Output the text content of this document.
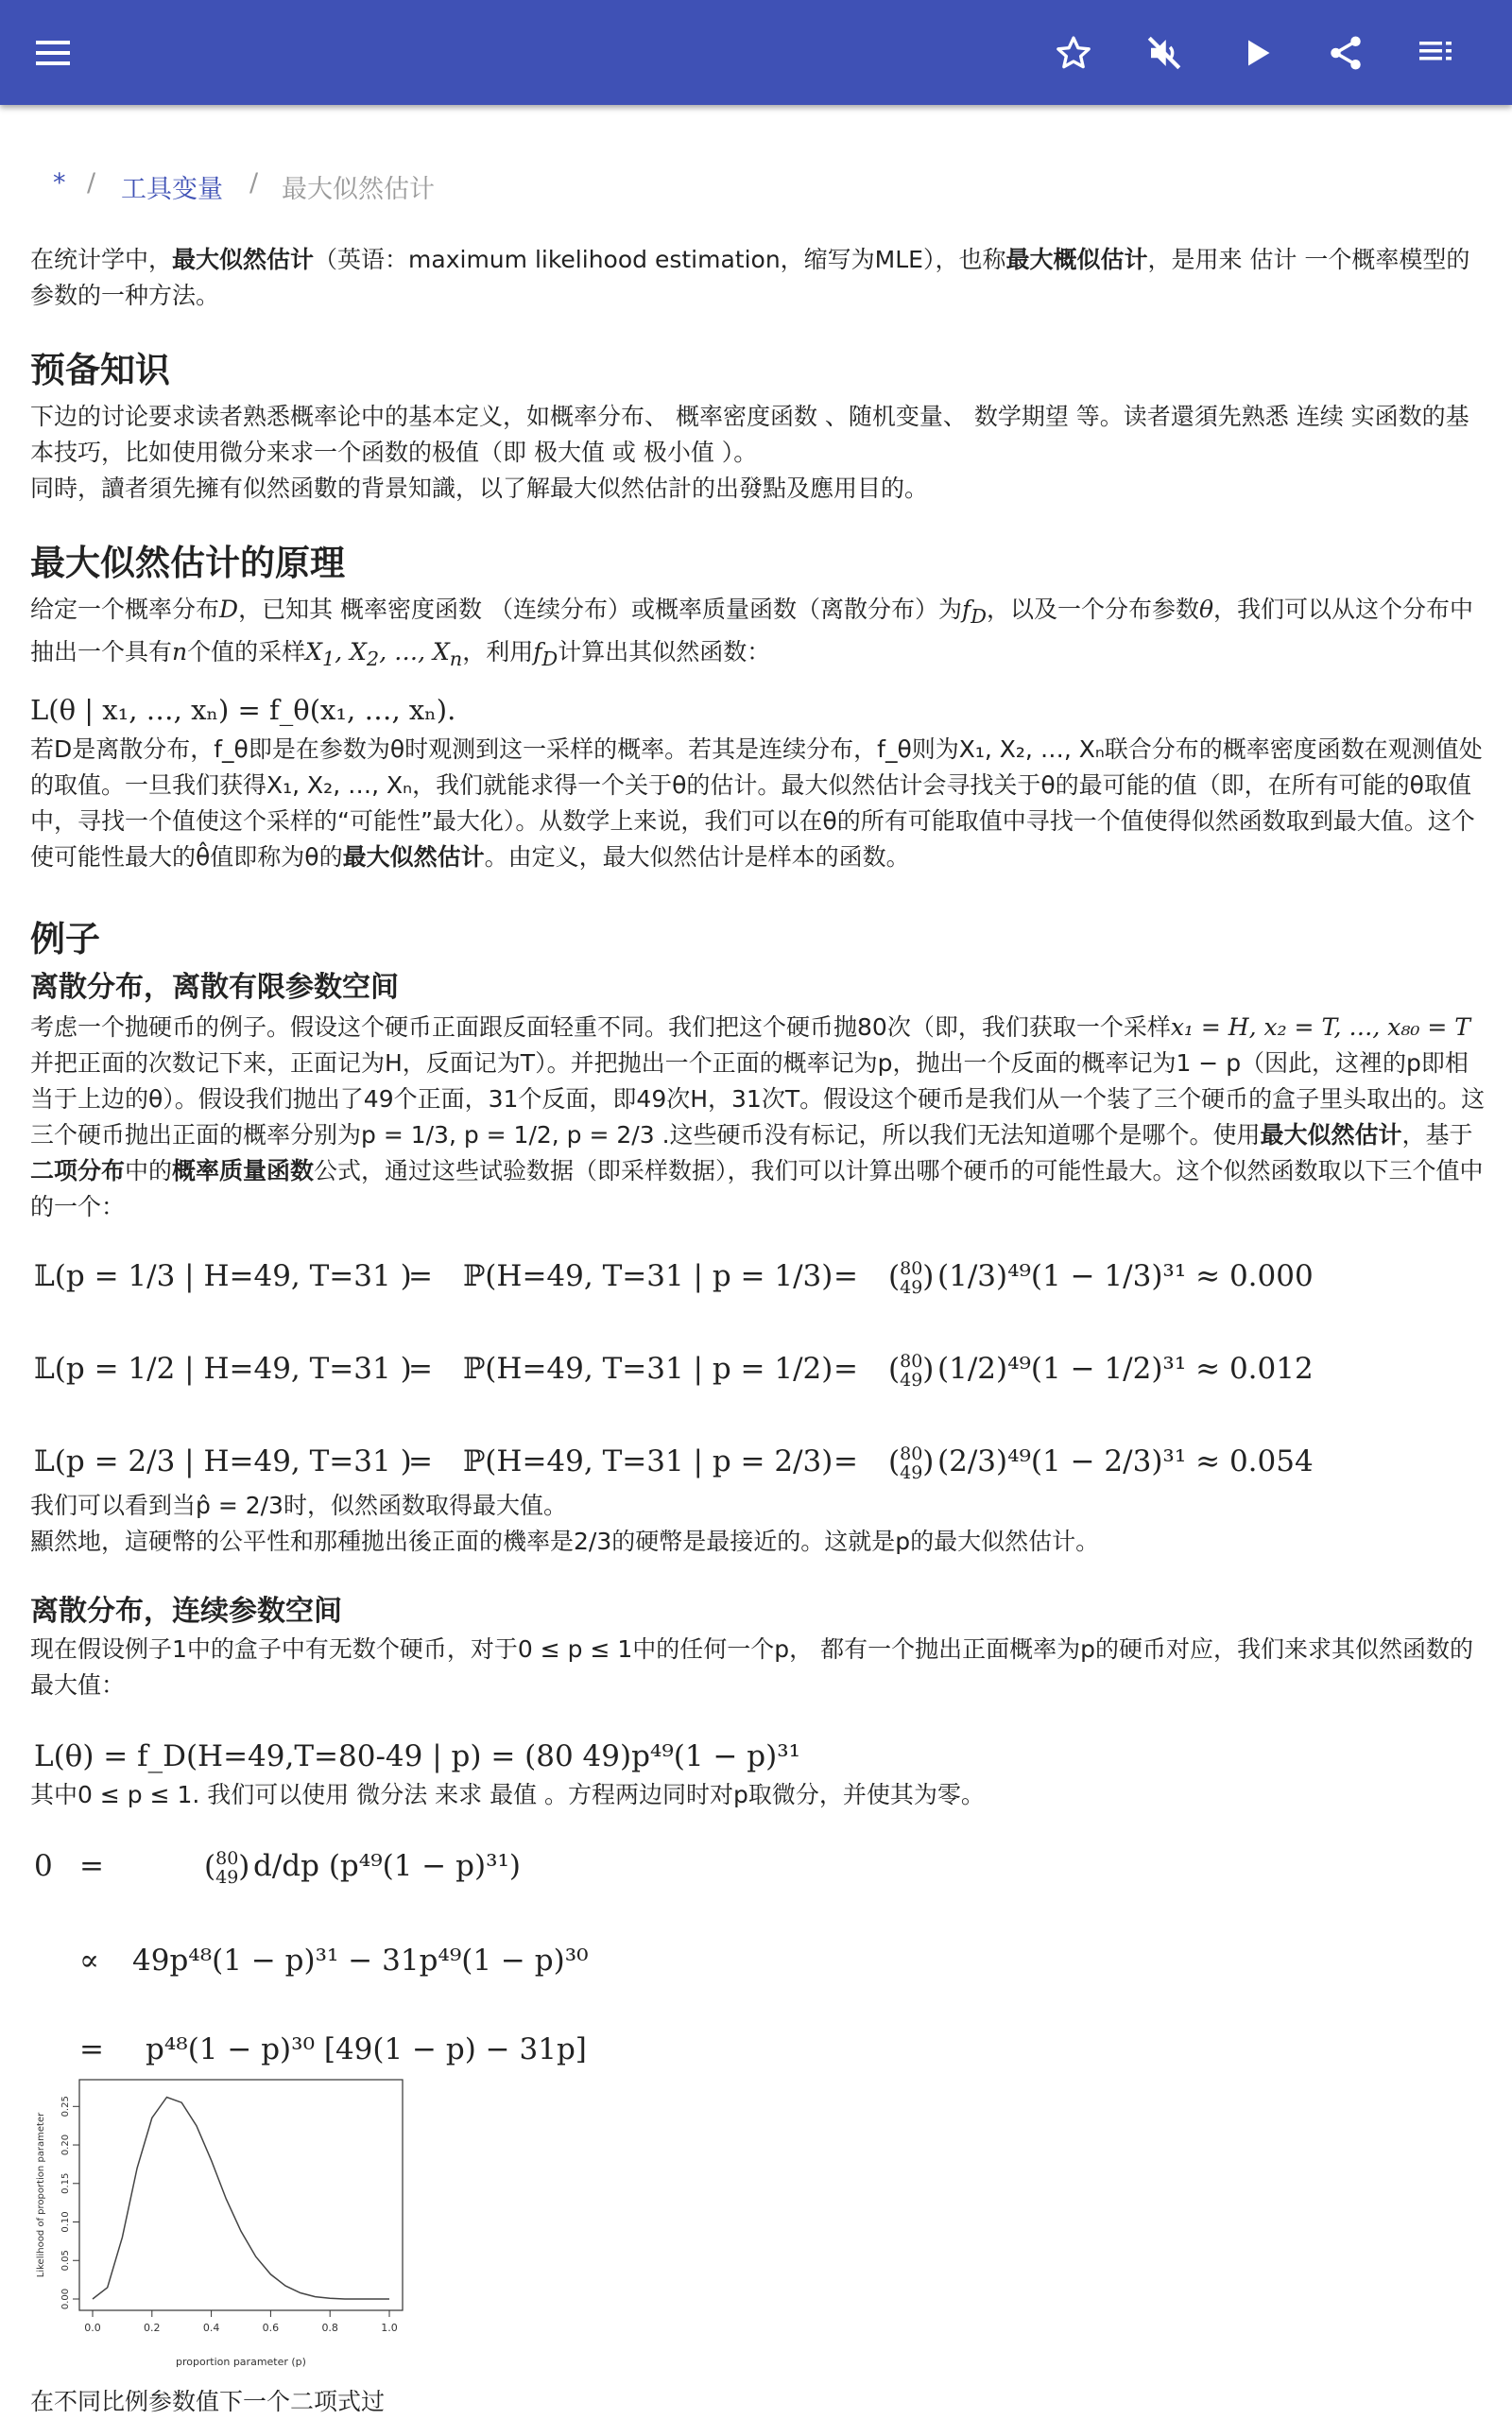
* / 工具变量 / 最大似然估计

在统计学中，最大似然估计（英语：maximum likelihood estimation，缩写为MLE），也称最大概似估计，是用来 估计 一个概率模型的参数的一种方法。

预备知识

下边的讨论要求读者熟悉概率论中的基本定义，如概率分布、 概率密度函数 、随机变量、 数学期望 等。读者還須先熟悉 连续 实函数的基本技巧，比如使用微分来求一个函数的极值（即 极大值 或 极小值 ）。

同時，讀者須先擁有似然函數的背景知識，以了解最大似然估計的出發點及應用目的。

最大似然估计的原理

给定一个概率分布D，已知其 概率密度函数 （连续分布）或概率质量函数（离散分布）为$f_D$，以及一个分布参数θ，我们可以从这个分布中抽出一个具有n个值的采样$X_1$, $X_2$, …, $X_n$，利用$f_D$计算出其似然函数：

L(θ | x₁, …, xₙ) = f_θ(x₁, …, xₙ).

若D是离散分布，f_θ即是在参数为θ时观测到这一采样的概率。若其是连续分布，f_θ则为X₁, X₂, …, Xₙ联合分布的概率密度函数在观测值处的取值。一旦我们获得X₁, X₂, …, Xₙ，我们就能求得一个关于θ的估计。最大似然估计会寻找关于θ的最可能的值（即，在所有可能的θ取值中，寻找一个值使这个采样的“可能性”最大化）。从数学上来说，我们可以在θ的所有可能取值中寻找一个值使得似然函数取到最大值。这个使可能性最大的θ̂值即称为θ的最大似然估计。由定义，最大似然估计是样本的函数。

例子
离散分布，离散有限参数空间

考虑一个抛硬币的例子。假设这个硬币正面跟反面轻重不同。我们把这个硬币抛80次（即，我们获取一个采样x₁ = H, x₂ = T, …, x₈₀ = T并把正面的次数记下来，正面记为H，反面记为T）。并把抛出一个正面的概率记为p，抛出一个反面的概率记为1 − p（因此，这裡的p即相当于上边的θ）。假设我们抛出了49个正面，31个反面，即49次H，31次T。假设这个硬币是我们从一个装了三个硬币的盒子里头取出的。这三个硬币抛出正面的概率分别为p = 1/3, p = 1/2, p = 2/3 .这些硬币没有标记，所以我们无法知道哪个是哪个。使用最大似然估计，基于二项分布中的概率质量函数公式，通过这些试验数据（即采样数据），我们可以计算出哪个硬币的可能性最大。这个似然函数取以下三个值中的一个：

𝕃(p = 1/3 | H=49, T=31 )
= ℙ(H=49, T=31 | p = 1/3) = (80
49) (1/3)⁴⁹(1 − 1/3)³¹ ≈ 0.000
𝕃(p = 1/2 | H=49, T=31 )
= ℙ(H=49, T=31 | p = 1/2) = (80
49) (1/2)⁴⁹(1 − 1/2)³¹ ≈ 0.012
𝕃(p = 2/3 | H=49, T=31 )
= ℙ(H=49, T=31 | p = 2/3) = (80
49) (2/3)⁴⁹(1 − 2/3)³¹ ≈ 0.054

我们可以看到当p̂ = 2/3时，似然函数取得最大值。

顯然地，這硬幣的公平性和那種拋出後正面的機率是2/3的硬幣是最接近的。这就是p的最大似然估计。

离散分布，连续参数空间

现在假设例子1中的盒子中有无数个硬币，对于0 ≤ p ≤ 1中的任何一个p， 都有一个抛出正面概率为p的硬币对应，我们来求其似然函数的最大值：

L(θ) = f_D(H=49,T=80-49 | p) = (80 49)p⁴⁹(1 − p)³¹

其中0 ≤ p ≤ 1. 我们可以使用 微分法 来求 最值 。方程两边同时对p取微分，并使其为零。

0 =	(80
49) d/dp (p⁴⁹(1 − p)³¹)
∝ 49p⁴⁸(1 − p)³¹ − 31p⁴⁹(1 − p)³⁰
= p⁴⁸(1 − p)³⁰ [49(1 − p) − 31p]
0.0	0.2	0.4	0.6	0.8	1.0
0.00
0.05
0.10
0.15
0.20
0.25
proportion parameter (p)
Likelihood of proportion parameter

在不同比例参数值下一个二项式过
